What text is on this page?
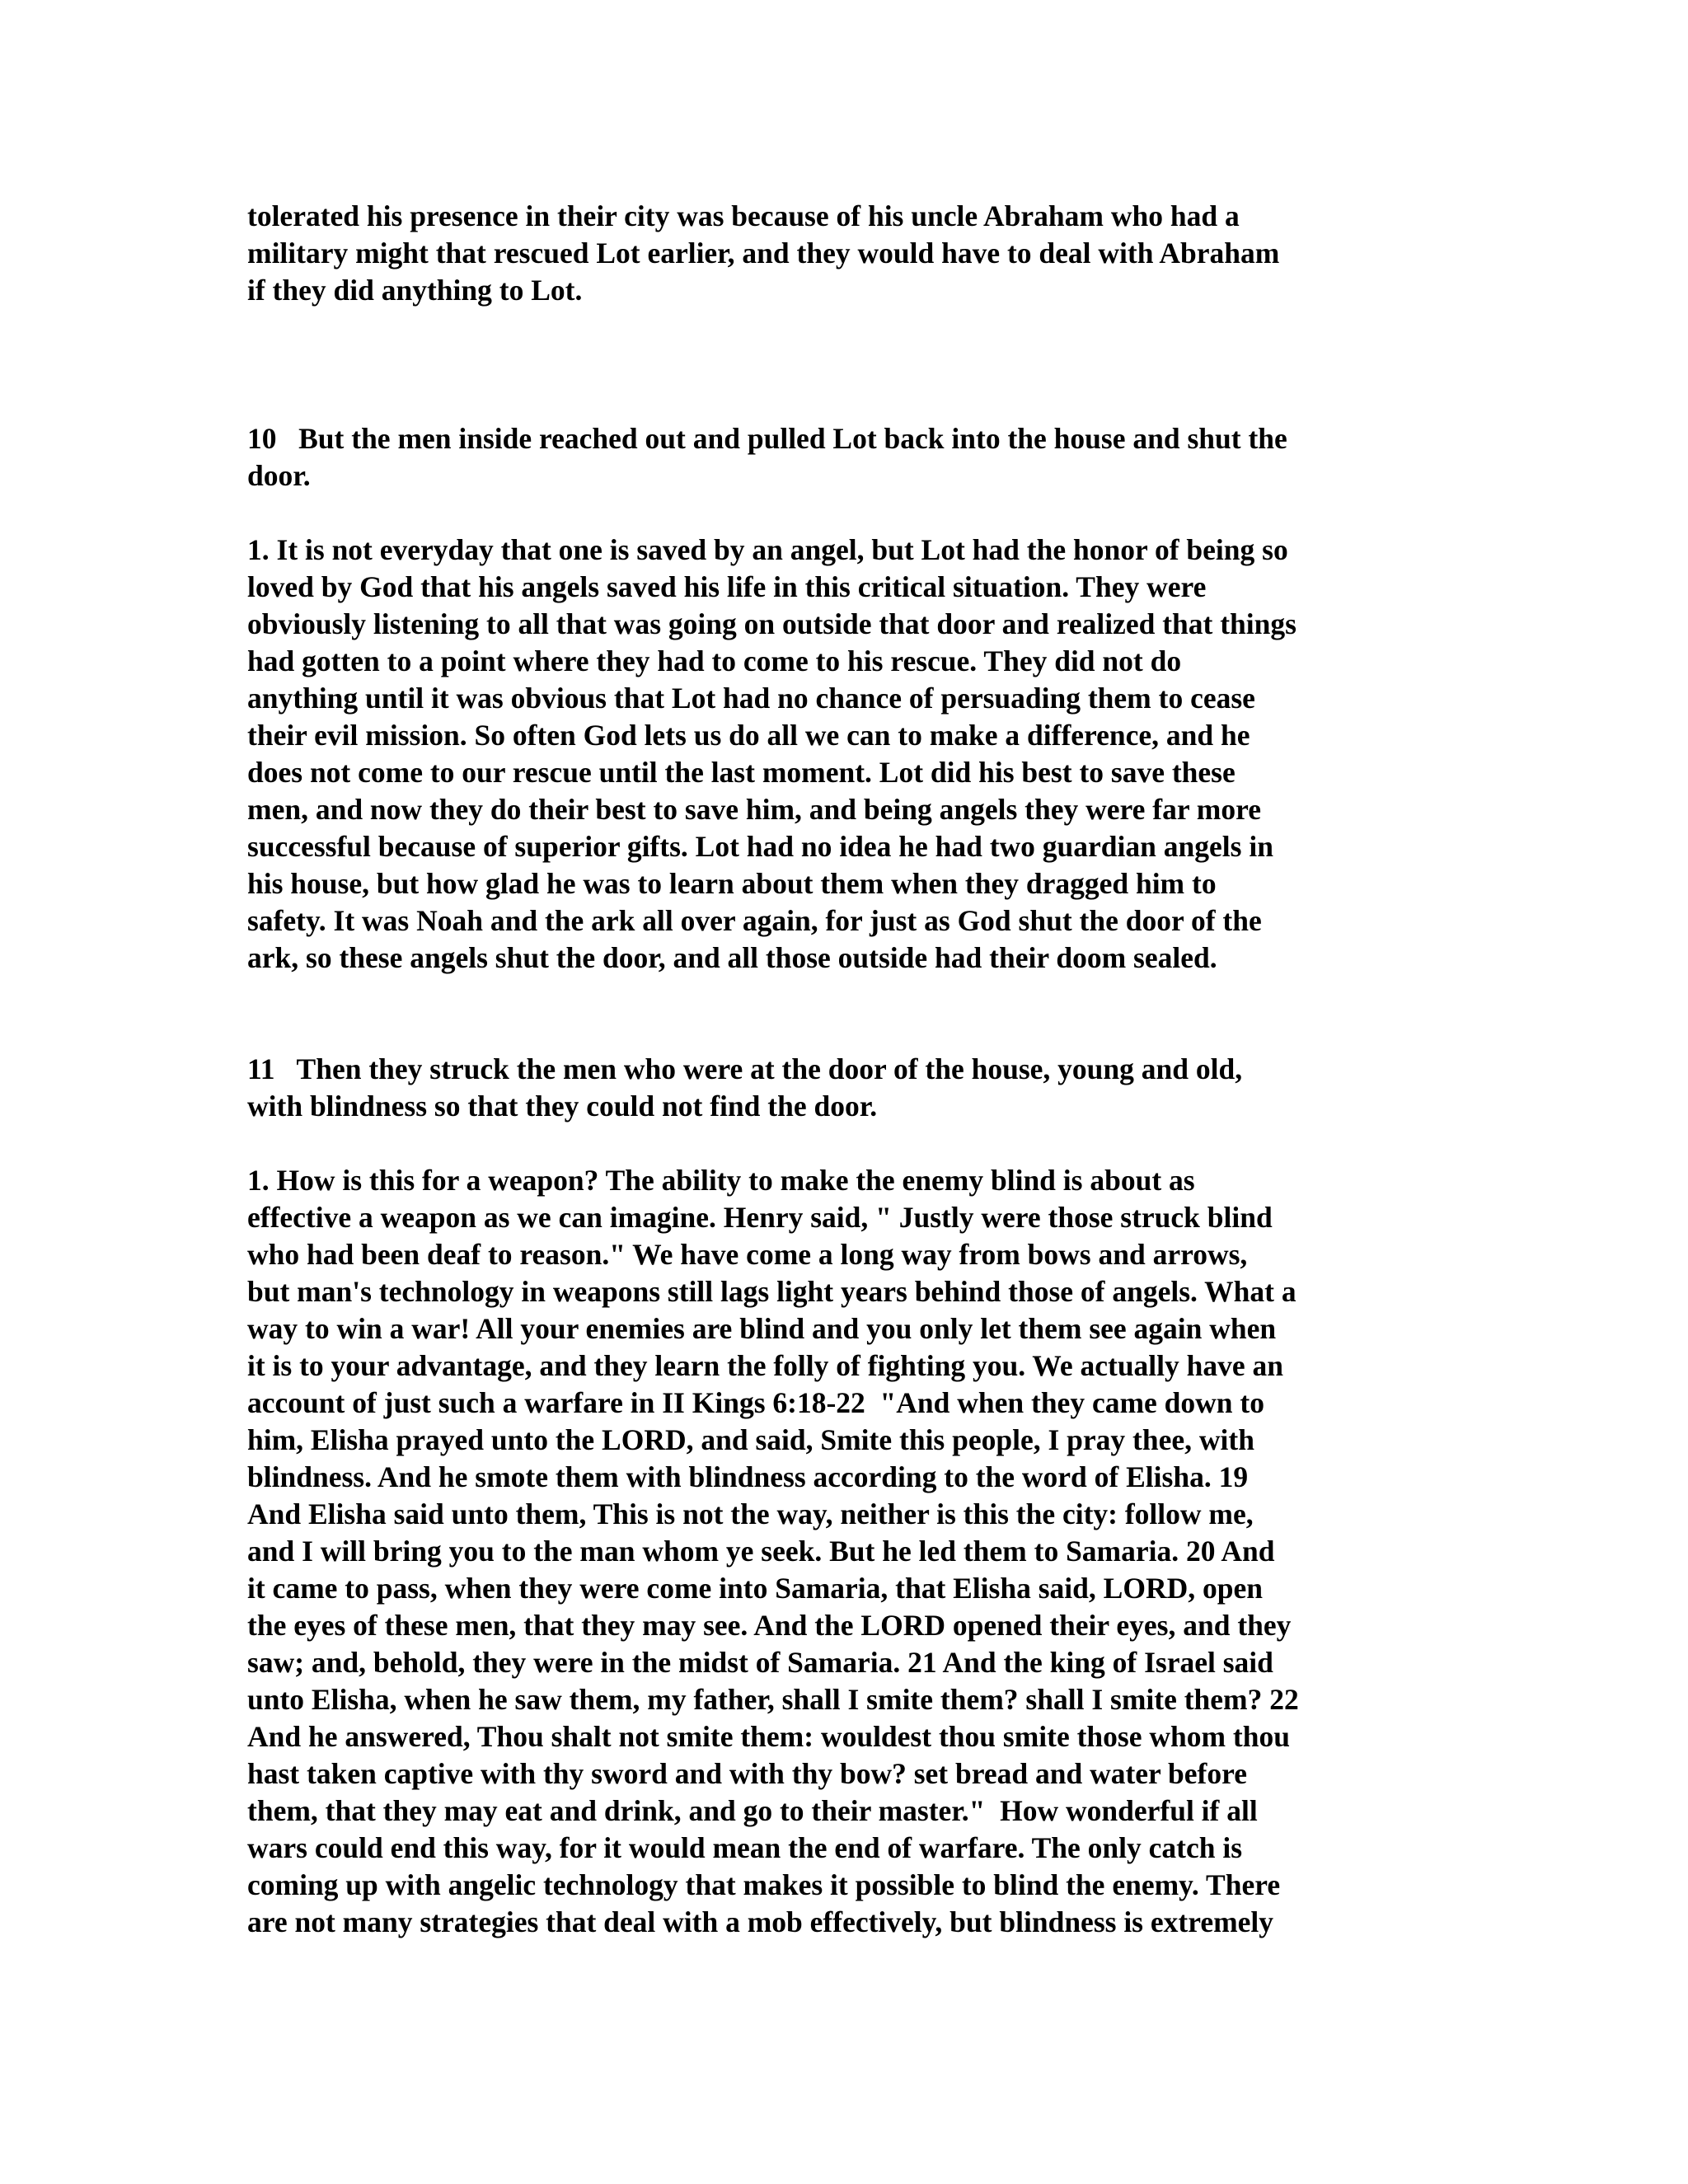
tolerated his presence in their city was because of his uncle Abraham who had a
military might that rescued Lot earlier, and they would have to deal with Abraham
if they did anything to Lot.
10   But the men inside reached out and pulled Lot back into the house and shut the
door.
1. It is not everyday that one is saved by an angel, but Lot had the honor of being so
loved by God that his angels saved his life in this critical situation. They were
obviously listening to all that was going on outside that door and realized that things
had gotten to a point where they had to come to his rescue. They did not do
anything until it was obvious that Lot had no chance of persuading them to cease
their evil mission. So often God lets us do all we can to make a difference, and he
does not come to our rescue until the last moment. Lot did his best to save these
men, and now they do their best to save him, and being angels they were far more
successful because of superior gifts. Lot had no idea he had two guardian angels in
his house, but how glad he was to learn about them when they dragged him to
safety. It was Noah and the ark all over again, for just as God shut the door of the
ark, so these angels shut the door, and all those outside had their doom sealed.
11   Then they struck the men who were at the door of the house, young and old,
with blindness so that they could not find the door.
1. How is this for a weapon? The ability to make the enemy blind is about as
effective a weapon as we can imagine. Henry said, " Justly were those struck blind
who had been deaf to reason." We have come a long way from bows and arrows,
but man's technology in weapons still lags light years behind those of angels. What a
way to win a war! All your enemies are blind and you only let them see again when
it is to your advantage, and they learn the folly of fighting you. We actually have an
account of just such a warfare in II Kings 6:18-22  "And when they came down to
him, Elisha prayed unto the LORD, and said, Smite this people, I pray thee, with
blindness. And he smote them with blindness according to the word of Elisha. 19
And Elisha said unto them, This is not the way, neither is this the city: follow me,
and I will bring you to the man whom ye seek. But he led them to Samaria. 20 And
it came to pass, when they were come into Samaria, that Elisha said, LORD, open
the eyes of these men, that they may see. And the LORD opened their eyes, and they
saw; and, behold, they were in the midst of Samaria. 21 And the king of Israel said
unto Elisha, when he saw them, my father, shall I smite them? shall I smite them? 22
And he answered, Thou shalt not smite them: wouldest thou smite those whom thou
hast taken captive with thy sword and with thy bow? set bread and water before
them, that they may eat and drink, and go to their master."  How wonderful if all
wars could end this way, for it would mean the end of warfare. The only catch is
coming up with angelic technology that makes it possible to blind the enemy. There
are not many strategies that deal with a mob effectively, but blindness is extremely
